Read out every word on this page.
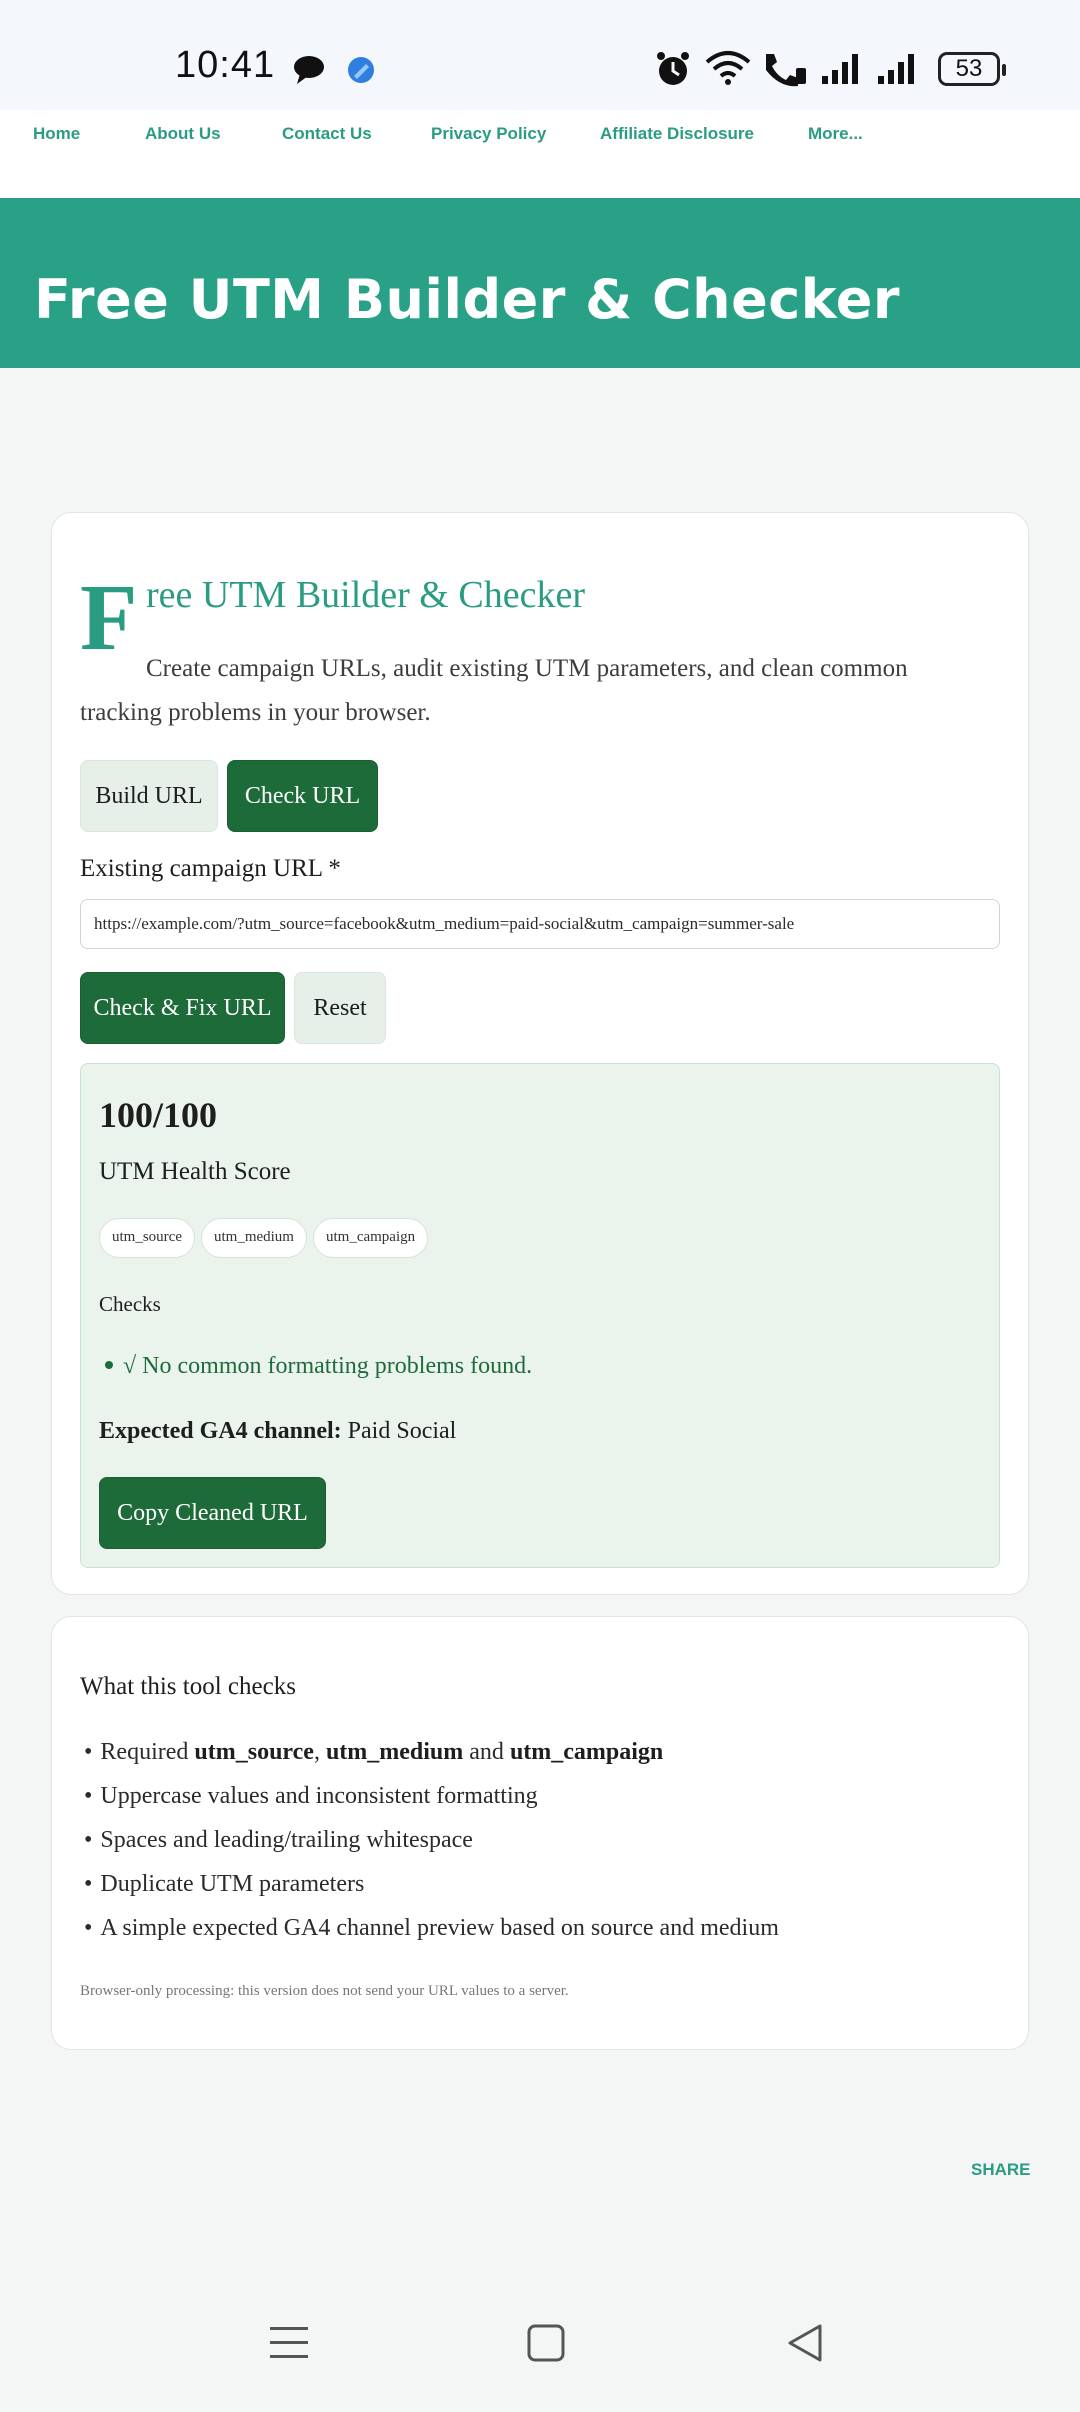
10:41	53
Home	About Us	Contact Us	Privacy Policy	Affiliate Disclosure	More...
Free UTM Builder & Checker
F ree UTM Builder & Checker
Create campaign URLs, audit existing UTM parameters, and clean common
tracking problems in your browser.
Build URL	Check URL
Existing campaign URL *
https://example.com/?utm_source=facebook&utm_medium=paid-social&utm_campaign=summer-sale
Check & Fix URL	Reset
100/100
UTM Health Score
utm_source	utm_medium	utm_campaign
Checks
√ No common formatting problems found.
Expected GA4 channel: Paid Social
Copy Cleaned URL
What this tool checks
• Required utm_source, utm_medium and utm_campaign
• Uppercase values and inconsistent formatting
• Spaces and leading/trailing whitespace
• Duplicate UTM parameters
• A simple expected GA4 channel preview based on source and medium
Browser-only processing: this version does not send your URL values to a server.
SHARE
